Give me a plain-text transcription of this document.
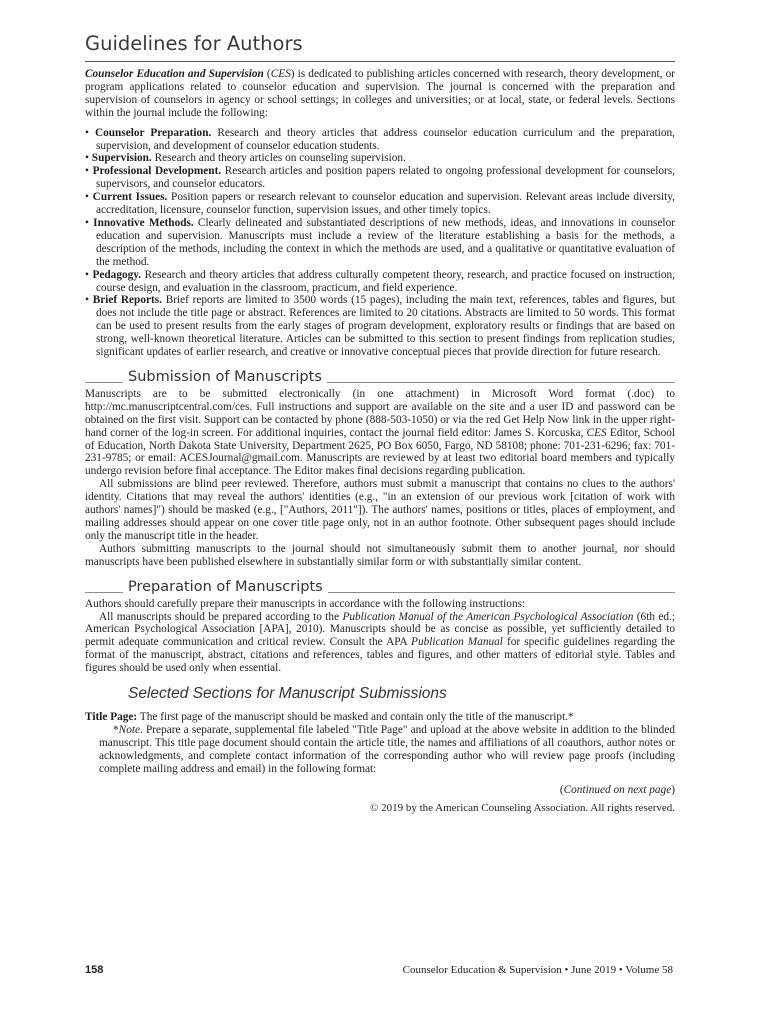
Guidelines for Authors

Counselor Education and Supervision (CES) is dedicated to publishing articles concerned with research, theory development, or program applications related to counselor education and supervision. The journal is concerned with the preparation and supervision of counselors in agency or school settings; in colleges and universities; or at local, state, or federal levels. Sections within the journal include the following:

• Counselor Preparation. Research and theory articles that address counselor education curriculum and the preparation, supervision, and development of counselor education students.
• Supervision. Research and theory articles on counseling supervision.
• Professional Development. Research articles and position papers related to ongoing professional development for counselors, supervisors, and counselor educators.
• Current Issues. Position papers or research relevant to counselor education and supervision. Relevant areas include diversity, accreditation, licensure, counselor function, supervision issues, and other timely topics.
• Innovative Methods. Clearly delineated and substantiated descriptions of new methods, ideas, and innovations in counselor education and supervision. Manuscripts must include a review of the literature establishing a basis for the methods, a description of the methods, including the context in which the methods are used, and a qualitative or quantitative evaluation of the method.
• Pedagogy. Research and theory articles that address culturally competent theory, research, and practice focused on instruction, course design, and evaluation in the classroom, practicum, and field experience.
• Brief Reports. Brief reports are limited to 3500 words (15 pages), including the main text, references, tables and figures, but does not include the title page or abstract. References are limited to 20 citations. Abstracts are limited to 50 words. This format can be used to present results from the early stages of program development, exploratory results or findings that are based on strong, well-known theoretical literature. Articles can be submitted to this section to present findings from replication studies, significant updates of earlier research, and creative or innovative conceptual pieces that provide direction for future research.
Submission of Manuscripts

Manuscripts are to be submitted electronically (in one attachment) in Microsoft Word format (.doc) to http://mc.manuscriptcentral.com/ces. Full instructions and support are available on the site and a user ID and password can be obtained on the first visit. Support can be contacted by phone (888-503-1050) or via the red Get Help Now link in the upper right-hand corner of the log-in screen. For additional inquiries, contact the journal field editor: James S. Korcuska, CES Editor, School of Education, North Dakota State University, Department 2625, PO Box 6050, Fargo, ND 58108; phone: 701-231-6296; fax: 701-231-9785; or email: ACESJournal@gmail.com. Manuscripts are reviewed by at least two editorial board members and typically undergo revision before final acceptance. The Editor makes final decisions regarding publication.

All submissions are blind peer reviewed. Therefore, authors must submit a manuscript that contains no clues to the authors' identity. Citations that may reveal the authors' identities (e.g., "in an extension of our previous work [citation of work with authors' names]") should be masked (e.g., ["Authors, 2011"]). The authors' names, positions or titles, places of employment, and mailing addresses should appear on one cover title page only, not in an author footnote. Other subsequent pages should include only the manuscript title in the header.

Authors submitting manuscripts to the journal should not simultaneously submit them to another journal, nor should manuscripts have been published elsewhere in substantially similar form or with substantially similar content.

Preparation of Manuscripts

Authors should carefully prepare their manuscripts in accordance with the following instructions:

All manuscripts should be prepared according to the Publication Manual of the American Psychological Association (6th ed.; American Psychological Association [APA], 2010). Manuscripts should be as concise as possible, yet sufficiently detailed to permit adequate communication and critical review. Consult the APA Publication Manual for specific guidelines regarding the format of the manuscript, abstract, citations and references, tables and figures, and other matters of editorial style. Tables and figures should be used only when essential.

Selected Sections for Manuscript Submissions

Title Page: The first page of the manuscript should be masked and contain only the title of the manuscript.*

*Note. Prepare a separate, supplemental file labeled "Title Page" and upload at the above website in addition to the blinded manuscript. This title page document should contain the article title, the names and affiliations of all coauthors, author notes or acknowledgments, and complete contact information of the corresponding author who will review page proofs (including complete mailing address and email) in the following format:

(Continued on next page)
© 2019 by the American Counseling Association. All rights reserved.
158	Counselor Education & Supervision • June 2019 • Volume 58
